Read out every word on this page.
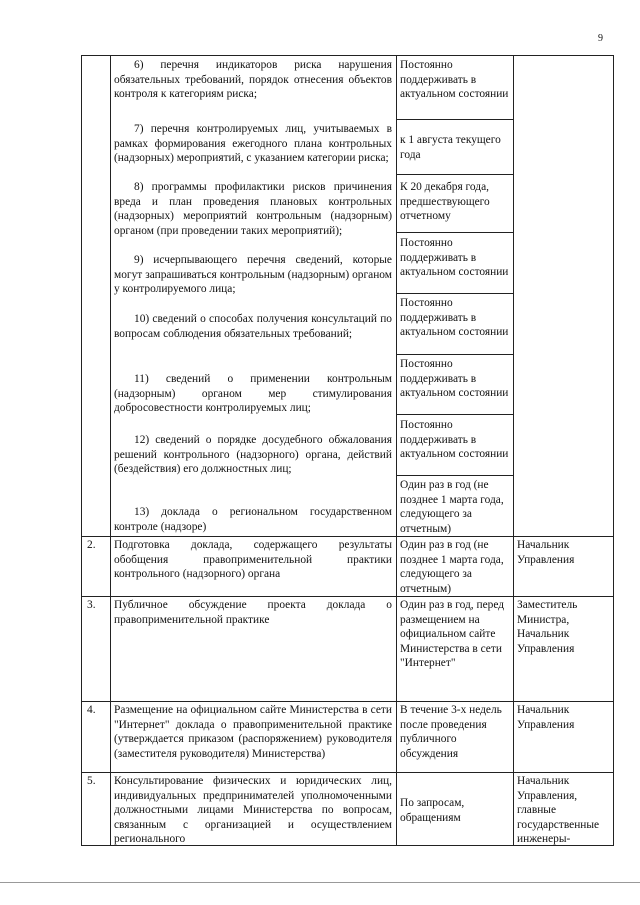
9
6) перечня индикаторов риска нарушения обязательных требований, порядок отнесения объектов контроля к категориям риска;
7) перечня контролируемых лиц, учитываемых в рамках формирования ежегодного плана контрольных (надзорных) мероприятий, с указанием категории риска;
8) программы профилактики рисков причинения вреда и план проведения плановых контрольных (надзорных) мероприятий контрольным (надзорным) органом (при проведении таких мероприятий);
9) исчерпывающего перечня сведений, которые могут запрашиваться контрольным (надзорным) органом у контролируемого лица;
10) сведений о способах получения консультаций по вопросам соблюдения обязательных требований;
11) сведений о применении контрольным (надзорным) органом мер стимулирования добросовестности контролируемых лиц;
12) сведений о порядке досудебного обжалования решений контрольного (надзорного) органа, действий (бездействия) его должностных лиц;
13) доклада о региональном государственном контроле (надзоре)
Постоянно поддерживать в актуальном состоянии
к 1 августа текущего года
К 20 декабря года, предшествующего отчетному
Постоянно поддерживать в актуальном состоянии
Постоянно поддерживать в актуальном состоянии
Постоянно поддерживать в актуальном состоянии
Постоянно поддерживать в актуальном состоянии
Один раз в год (не позднее 1 марта года, следующего за отчетным)
2. Подготовка доклада, содержащего результаты обобщения правоприменительной практики контрольного (надзорного) органа
Один раз в год (не позднее 1 марта года, следующего за отчетным)
Начальник Управления
3. Публичное обсуждение проекта доклада о правоприменительной практике
Один раз в год, перед размещением на официальном сайте Министерства в сети "Интернет"
Заместитель Министра, Начальник Управления
4. Размещение на официальном сайте Министерства в сети "Интернет" доклада о правоприменительной практике (утверждается приказом (распоряжением) руководителя (заместителя руководителя) Министерства)
В течение 3-х недель после проведения публичного обсуждения
Начальник Управления
5. Консультирование физических и юридических лиц, индивидуальных предпринимателей уполномоченными должностными лицами Министерства по вопросам, связанным с организацией и осуществлением регионального
По запросам, обращениям
Начальник Управления, главные государственные инженеры-
